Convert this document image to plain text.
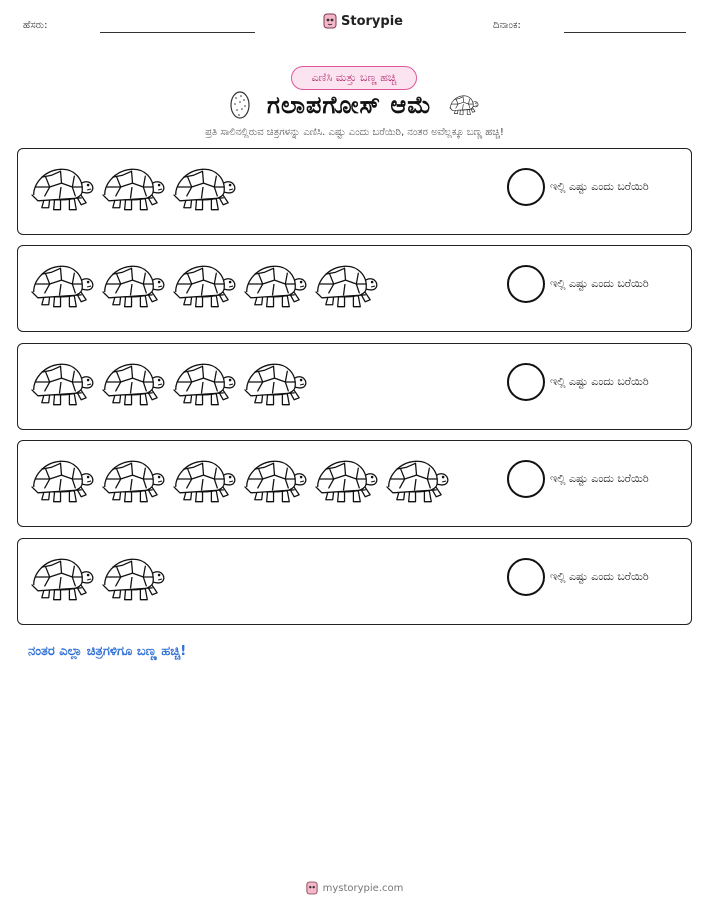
ಹೆಸರು:	Storypie	ದಿನಾಂಕ:
ಎಣಿಸಿ ಮತ್ತು ಬಣ್ಣ ಹಚ್ಚಿ
ಗಲಾಪಗೋಸ್ ಆಮೆ
ಪ್ರತಿ ಸಾಲಿನಲ್ಲಿರುವ ಚಿತ್ರಗಳನ್ನು ಎಣಿಸಿ. ಎಷ್ಟು ಎಂದು ಬರೆಯಿರಿ, ನಂತರ ಅವೆಲ್ಲಕ್ಕೂ ಬಣ್ಣ ಹಚ್ಚಿ!
ಇಲ್ಲಿ ಎಷ್ಟು ಎಂದು ಬರೆಯಿರಿ
ಇಲ್ಲಿ ಎಷ್ಟು ಎಂದು ಬರೆಯಿರಿ
ಇಲ್ಲಿ ಎಷ್ಟು ಎಂದು ಬರೆಯಿರಿ
ಇಲ್ಲಿ ಎಷ್ಟು ಎಂದು ಬರೆಯಿರಿ
ಇಲ್ಲಿ ಎಷ್ಟು ಎಂದು ಬರೆಯಿರಿ
ನಂತರ ಎಲ್ಲಾ ಚಿತ್ರಗಳಿಗೂ ಬಣ್ಣ ಹಚ್ಚಿ!
mystorypie.com
